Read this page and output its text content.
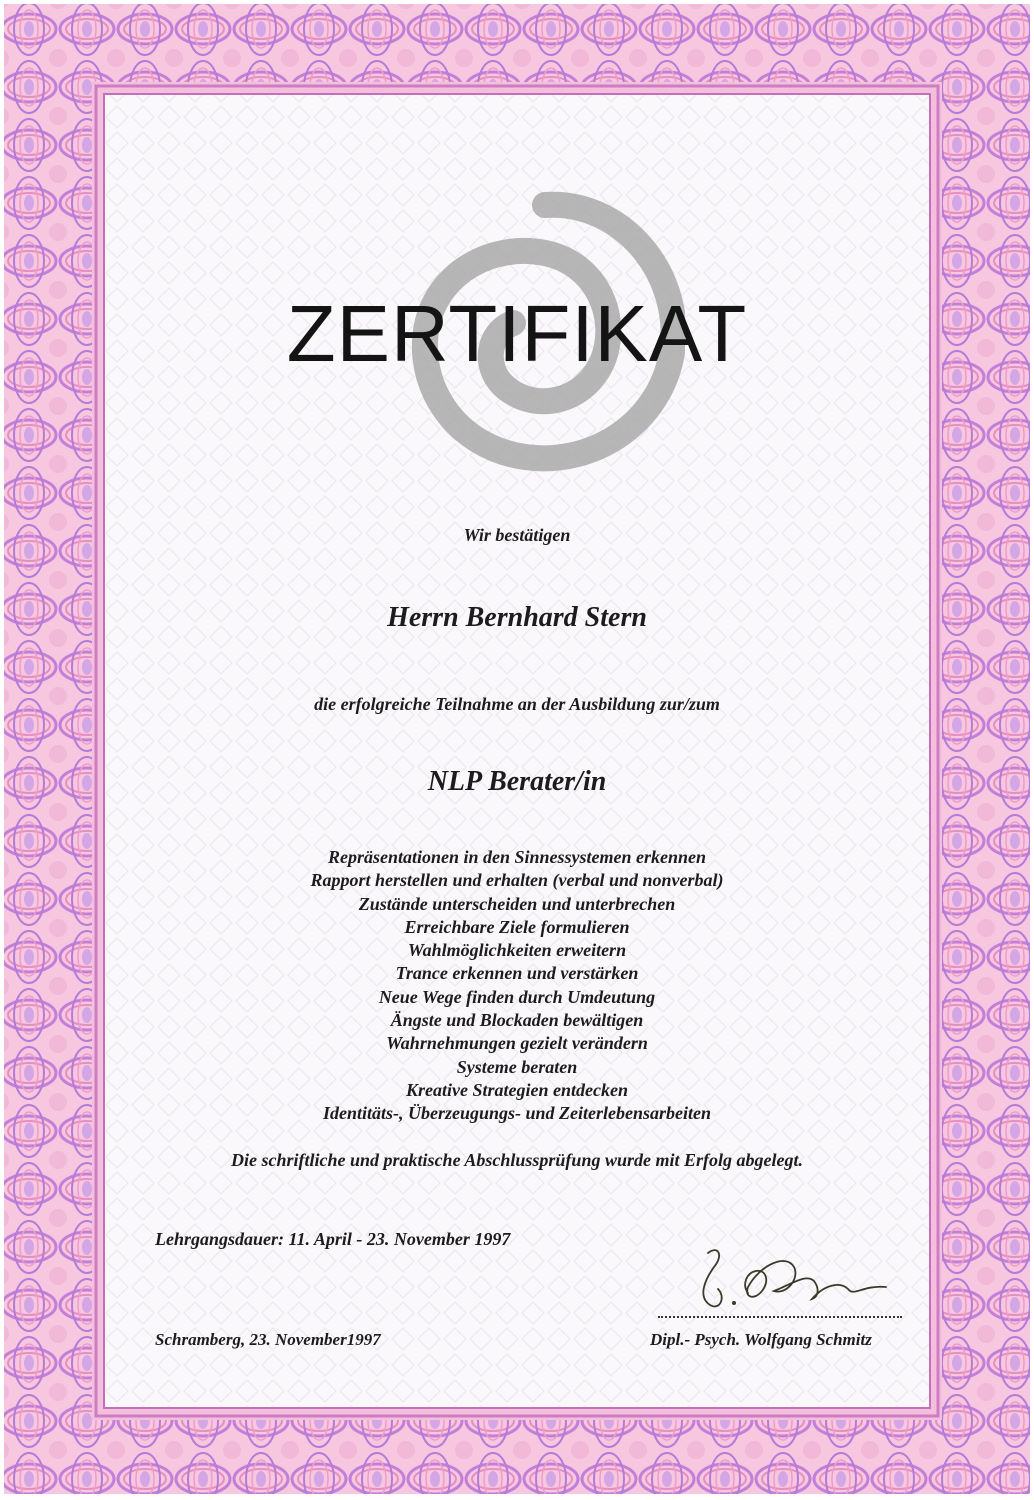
ZERTIFIKAT
Wir bestätigen
Herrn Bernhard Stern
die erfolgreiche Teilnahme an der Ausbildung zur/zum
NLP Berater/in
Repräsentationen in den Sinnessystemen erkennen
Rapport herstellen und erhalten (verbal und nonverbal)
Zustände unterscheiden und unterbrechen
Erreichbare Ziele formulieren
Wahlmöglichkeiten erweitern
Trance erkennen und verstärken
Neue Wege finden durch Umdeutung
Ängste und Blockaden bewältigen
Wahrnehmungen gezielt verändern
Systeme beraten
Kreative Strategien entdecken
Identitäts-, Überzeugungs- und Zeiterlebensarbeiten
Die schriftliche und praktische Abschlussprüfung wurde mit Erfolg abgelegt.
Lehrgangsdauer: 11. April - 23. November 1997
Schramberg, 23. November1997	Dipl.- Psych. Wolfgang Schmitz
